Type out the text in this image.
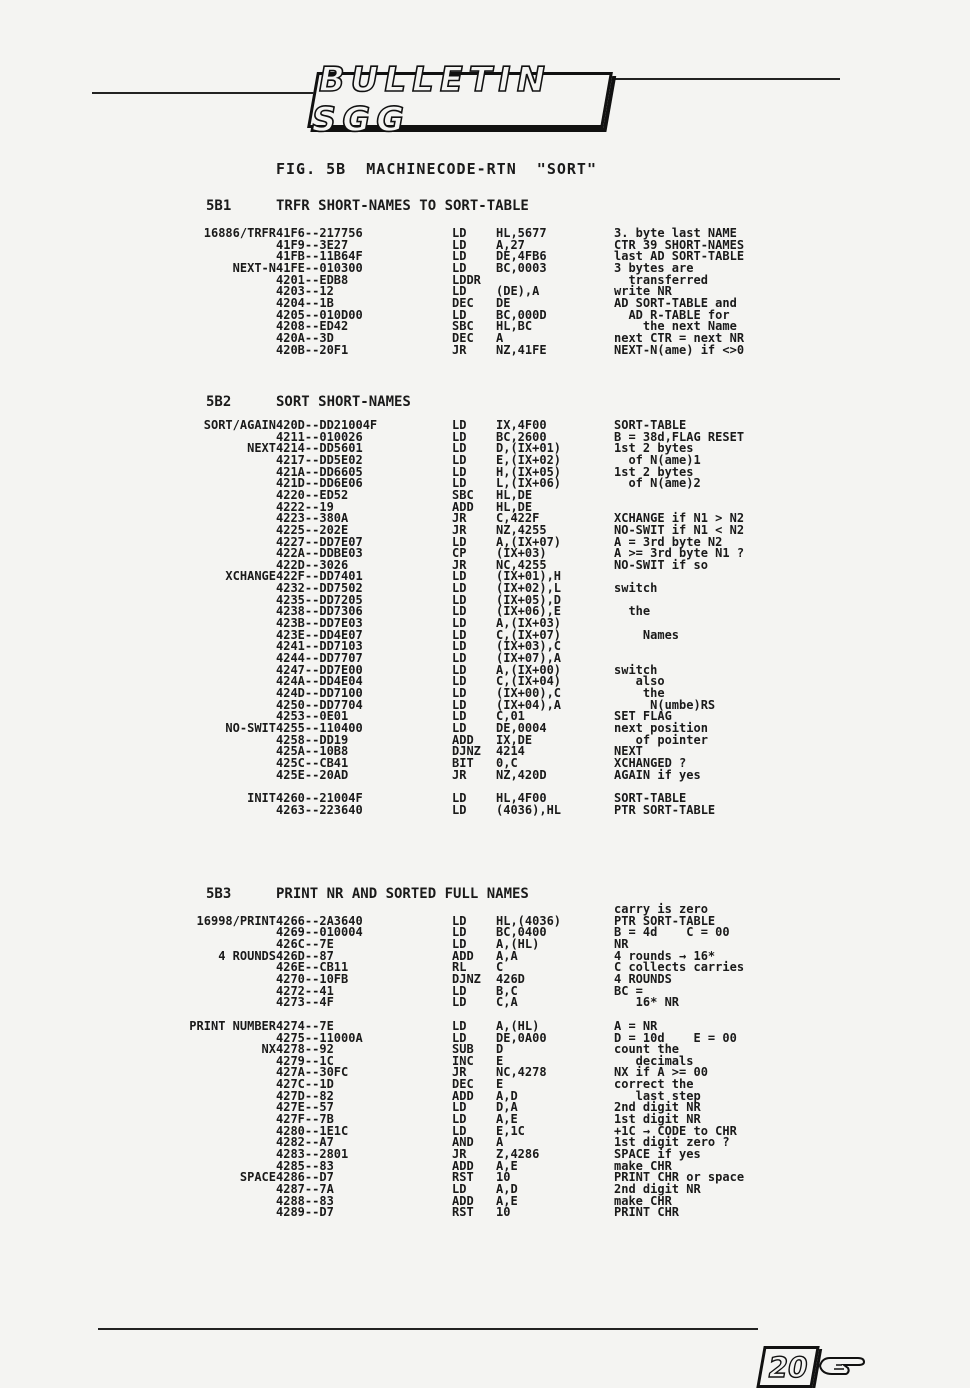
BULLETIN SGG
FIG. 5B  MACHINECODE-RTN  "SORT"
5B1	TRFR SHORT-NAMES TO SORT-TABLE
16886/TRFR 41F6--217756	LD HL,5677	3. byte last NAME
41F9--3E27	LD A,27	CTR 39 SHORT-NAMES
41FB--11B64F	LD DE,4FB6	last AD SORT-TABLE
NEXT-N 41FE--010300	LD BC,0003	3 bytes are
4201--EDB8	LDDR	transferred
4203--12	LD (DE),A	write NR
4204--1B	DEC DE	AD SORT-TABLE and
4205--010D00	LD BC,000D	AD R-TABLE for
4208--ED42	SBC HL,BC	the next Name
420A--3D	DEC A	next CTR = next NR
420B--20F1	JR NZ,41FE	NEXT-N(ame) if <>0
5B2	SORT SHORT-NAMES
SORT/AGAIN 420D--DD21004F	LD IX,4F00	SORT-TABLE
4211--010026	LD BC,2600	B = 38d,FLAG RESET
NEXT 4214--DD5601	LD D,(IX+01)	1st 2 bytes
4217--DD5E02	LD E,(IX+02)	of N(ame)1
421A--DD6605	LD H,(IX+05)	1st 2 bytes
421D--DD6E06	LD L,(IX+06)	of N(ame)2
4220--ED52	SBC HL,DE
4222--19	ADD HL,DE
4223--380A	JR C,422F	XCHANGE if N1 > N2
4225--202E	JR NZ,4255	NO-SWIT if N1 < N2
4227--DD7E07	LD A,(IX+07)	A = 3rd byte N2
422A--DDBE03	CP (IX+03)	A >= 3rd byte N1 ?
422D--3026	JR NC,4255	NO-SWIT if so
XCHANGE 422F--DD7401	LD (IX+01),H
4232--DD7502	LD (IX+02),L	switch
4235--DD7205	LD (IX+05),D
4238--DD7306	LD (IX+06),E	the
423B--DD7E03	LD A,(IX+03)
423E--DD4E07	LD C,(IX+07)	Names
4241--DD7103	LD (IX+03),C
4244--DD7707	LD (IX+07),A
4247--DD7E00	LD A,(IX+00)	switch
424A--DD4E04	LD C,(IX+04)	also
424D--DD7100	LD (IX+00),C	the
4250--DD7704	LD (IX+04),A	N(umbe)RS
4253--0E01	LD C,01	SET FLAG
NO-SWIT 4255--110400	LD DE,0004	next position
4258--DD19	ADD IX,DE	of pointer
425A--10B8	DJNZ 4214	NEXT
425C--CB41	BIT 0,C	XCHANGED ?
425E--20AD	JR NZ,420D	AGAIN if yes
INIT 4260--21004F	LD HL,4F00	SORT-TABLE
4263--223640	LD (4036),HL	PTR SORT-TABLE
5B3	PRINT NR AND SORTED FULL NAMES
carry is zero
16998/PRINT 4266--2A3640	LD HL,(4036)	PTR SORT-TABLE
4269--010004	LD BC,0400	B = 4d    C = 00
426C--7E	LD A,(HL)	NR
4 ROUNDS 426D--87	ADD A,A	4 rounds → 16*
426E--CB11	RL C	C collects carries
4270--10FB	DJNZ 426D	4 ROUNDS
4272--41	LD B,C	BC =
4273--4F	LD C,A	16* NR
PRINT NUMBER 4274--7E	LD A,(HL)	A = NR
4275--11000A	LD DE,0A00	D = 10d    E = 00
NX 4278--92	SUB D	count the
4279--1C	INC E	decimals
427A--30FC	JR NC,4278	NX if A >= 00
427C--1D	DEC E	correct the
427D--82	ADD A,D	last step
427E--57	LD D,A	2nd digit NR
427F--7B	LD A,E	1st digit NR
4280--1E1C	LD E,1C	+1C → CODE to CHR
4282--A7	AND A	1st digit zero ?
4283--2801	JR Z,4286	SPACE if yes
4285--83	ADD A,E	make CHR
SPACE 4286--D7	RST 10	PRINT CHR or space
4287--7A	LD A,D	2nd digit NR
4288--83	ADD A,E	make CHR
4289--D7	RST 10	PRINT CHR
20
